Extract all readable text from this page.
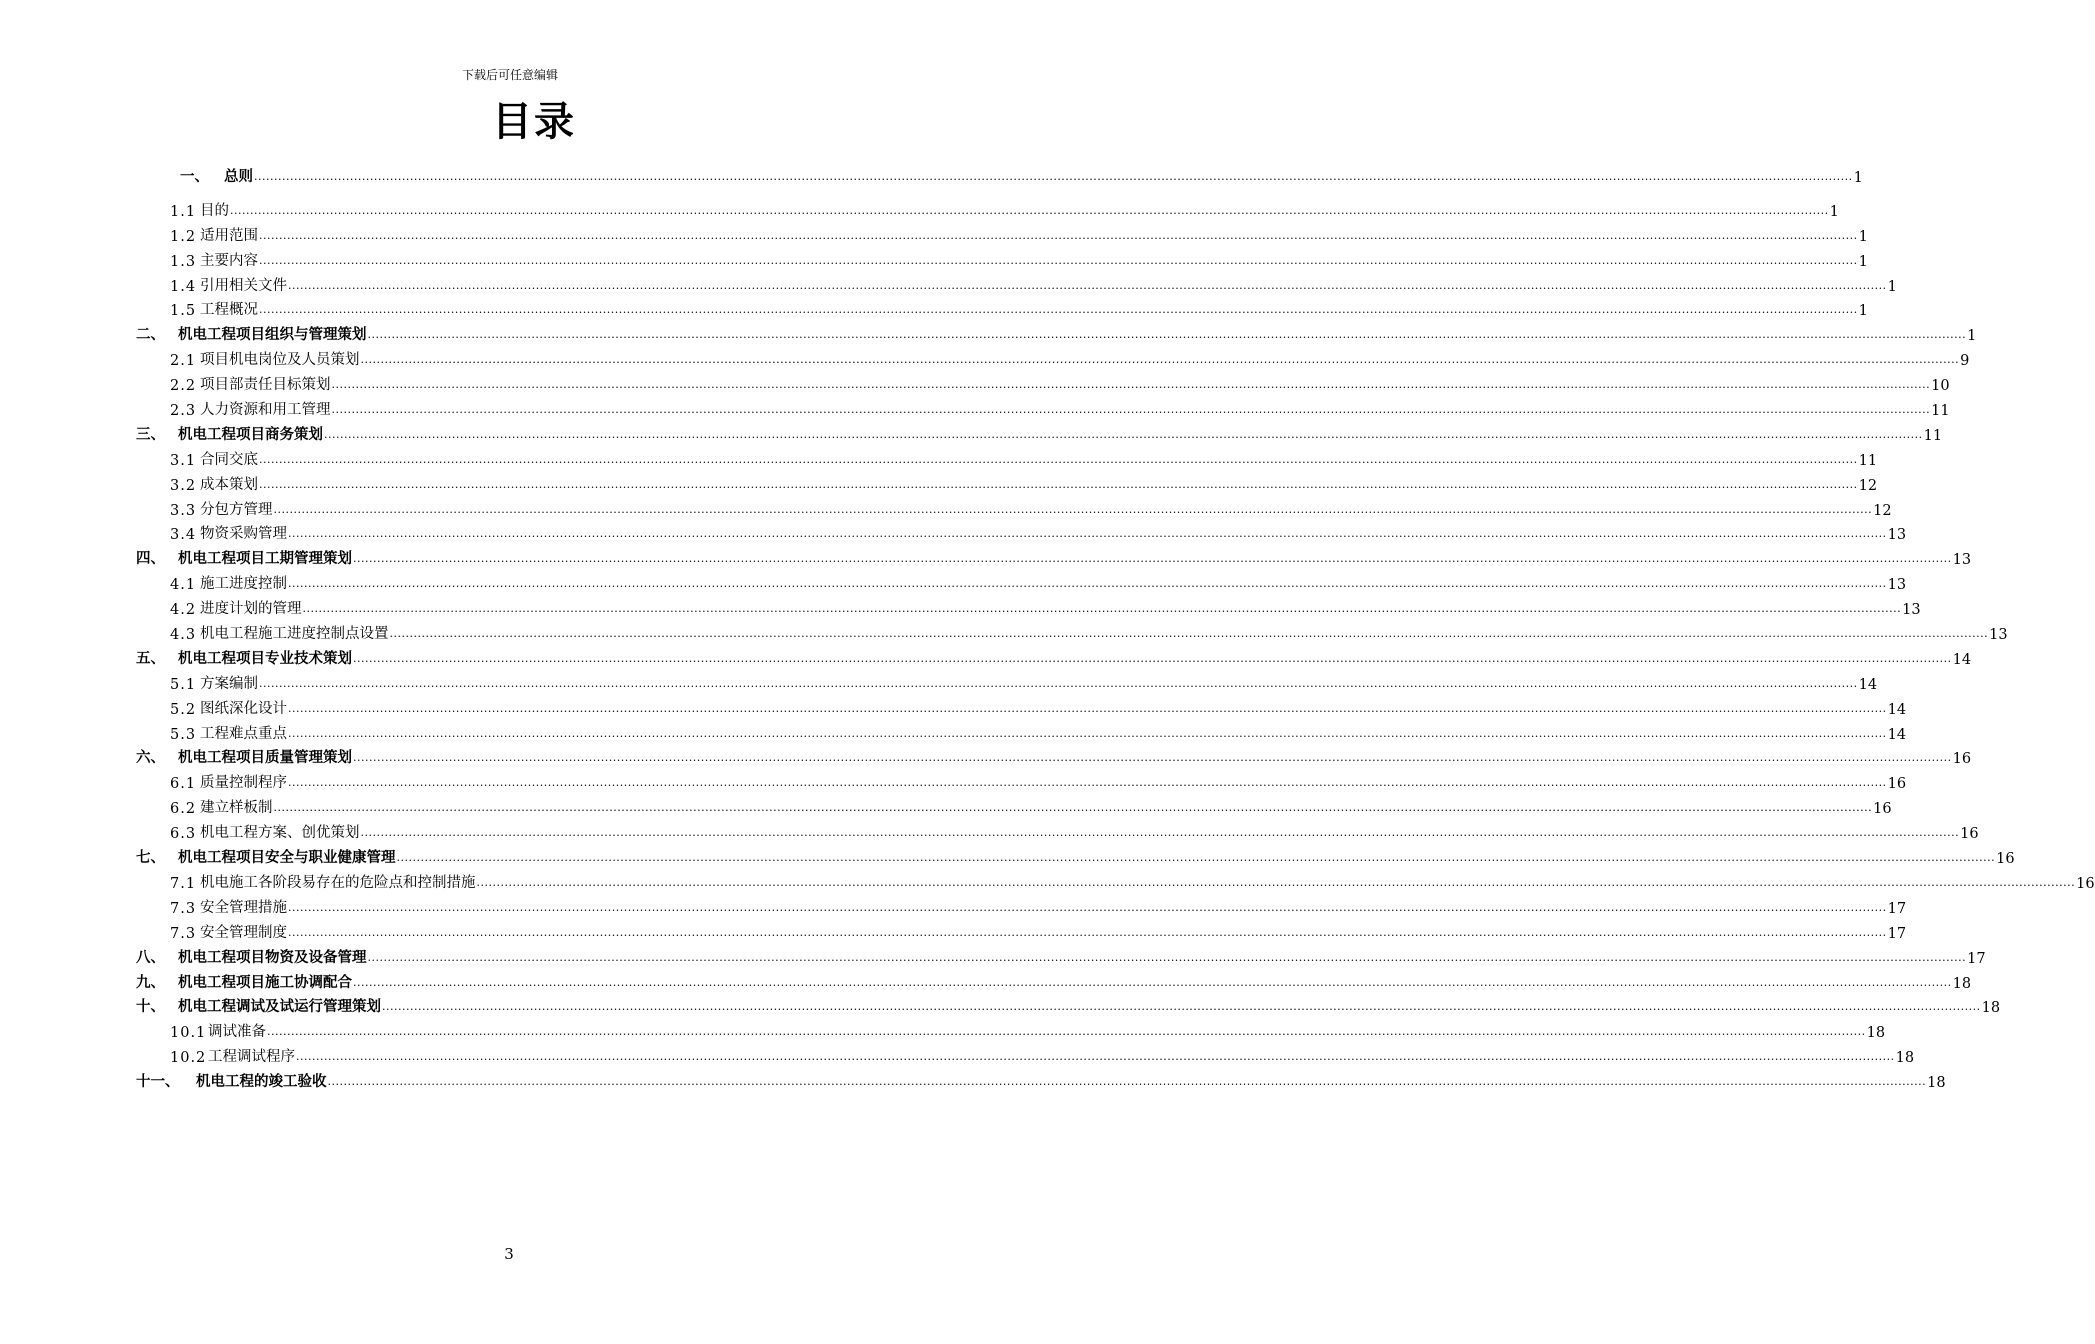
下载后可任意编辑
目录
一、	总则 ................................................................................................................................................................................................................................................................................................................................................................................................................ 1
1.1 目的 ................................................................................................................................................................................................................................................................................................................................................................................................................ 1
1.2 适用范围 ................................................................................................................................................................................................................................................................................................................................................................................................................ 1
1.3 主要内容 ................................................................................................................................................................................................................................................................................................................................................................................................................ 1
1.4 引用相关文件 ................................................................................................................................................................................................................................................................................................................................................................................................................ 1
1.5 工程概况 ................................................................................................................................................................................................................................................................................................................................................................................................................ 1
二、 机电工程项目组织与管理策划 ................................................................................................................................................................................................................................................................................................................................................................................................................ 1
2.1 项目机电岗位及人员策划 ................................................................................................................................................................................................................................................................................................................................................................................................................ 9
2.2 项目部责任目标策划 ................................................................................................................................................................................................................................................................................................................................................................................................................ 10
2.3 人力资源和用工管理 ................................................................................................................................................................................................................................................................................................................................................................................................................ 11
三、 机电工程项目商务策划 ................................................................................................................................................................................................................................................................................................................................................................................................................ 11
3.1 合同交底 ................................................................................................................................................................................................................................................................................................................................................................................................................ 11
3.2 成本策划 ................................................................................................................................................................................................................................................................................................................................................................................................................ 12
3.3 分包方管理 ................................................................................................................................................................................................................................................................................................................................................................................................................ 12
3.4 物资采购管理 ................................................................................................................................................................................................................................................................................................................................................................................................................ 13
四、 机电工程项目工期管理策划 ................................................................................................................................................................................................................................................................................................................................................................................................................ 13
4.1 施工进度控制 ................................................................................................................................................................................................................................................................................................................................................................................................................ 13
4.2 进度计划的管理 ................................................................................................................................................................................................................................................................................................................................................................................................................ 13
4.3 机电工程施工进度控制点设置 ................................................................................................................................................................................................................................................................................................................................................................................................................ 13
五、 机电工程项目专业技术策划 ................................................................................................................................................................................................................................................................................................................................................................................................................ 14
5.1 方案编制 ................................................................................................................................................................................................................................................................................................................................................................................................................ 14
5.2 图纸深化设计 ................................................................................................................................................................................................................................................................................................................................................................................................................ 14
5.3 工程难点重点 ................................................................................................................................................................................................................................................................................................................................................................................................................ 14
六、 机电工程项目质量管理策划 ................................................................................................................................................................................................................................................................................................................................................................................................................ 16
6.1 质量控制程序 ................................................................................................................................................................................................................................................................................................................................................................................................................ 16
6.2 建立样板制 ................................................................................................................................................................................................................................................................................................................................................................................................................ 16
6.3 机电工程方案、创优策划 ................................................................................................................................................................................................................................................................................................................................................................................................................ 16
七、 机电工程项目安全与职业健康管理 ................................................................................................................................................................................................................................................................................................................................................................................................................ 16
7.1 机电施工各阶段易存在的危险点和控制措施 ................................................................................................................................................................................................................................................................................................................................................................................................................ 16
7.3 安全管理措施 ................................................................................................................................................................................................................................................................................................................................................................................................................ 17
7.3 安全管理制度 ................................................................................................................................................................................................................................................................................................................................................................................................................ 17
八、 机电工程项目物资及设备管理 ................................................................................................................................................................................................................................................................................................................................................................................................................ 17
九、 机电工程项目施工协调配合 ................................................................................................................................................................................................................................................................................................................................................................................................................ 18
十、 机电工程调试及试运行管理策划 ................................................................................................................................................................................................................................................................................................................................................................................................................ 18
10.1 调试准备 ................................................................................................................................................................................................................................................................................................................................................................................................................ 18
10.2 工程调试程序 ................................................................................................................................................................................................................................................................................................................................................................................................................ 18
十一、	机电工程的竣工验收 ................................................................................................................................................................................................................................................................................................................................................................................................................ 18
3
